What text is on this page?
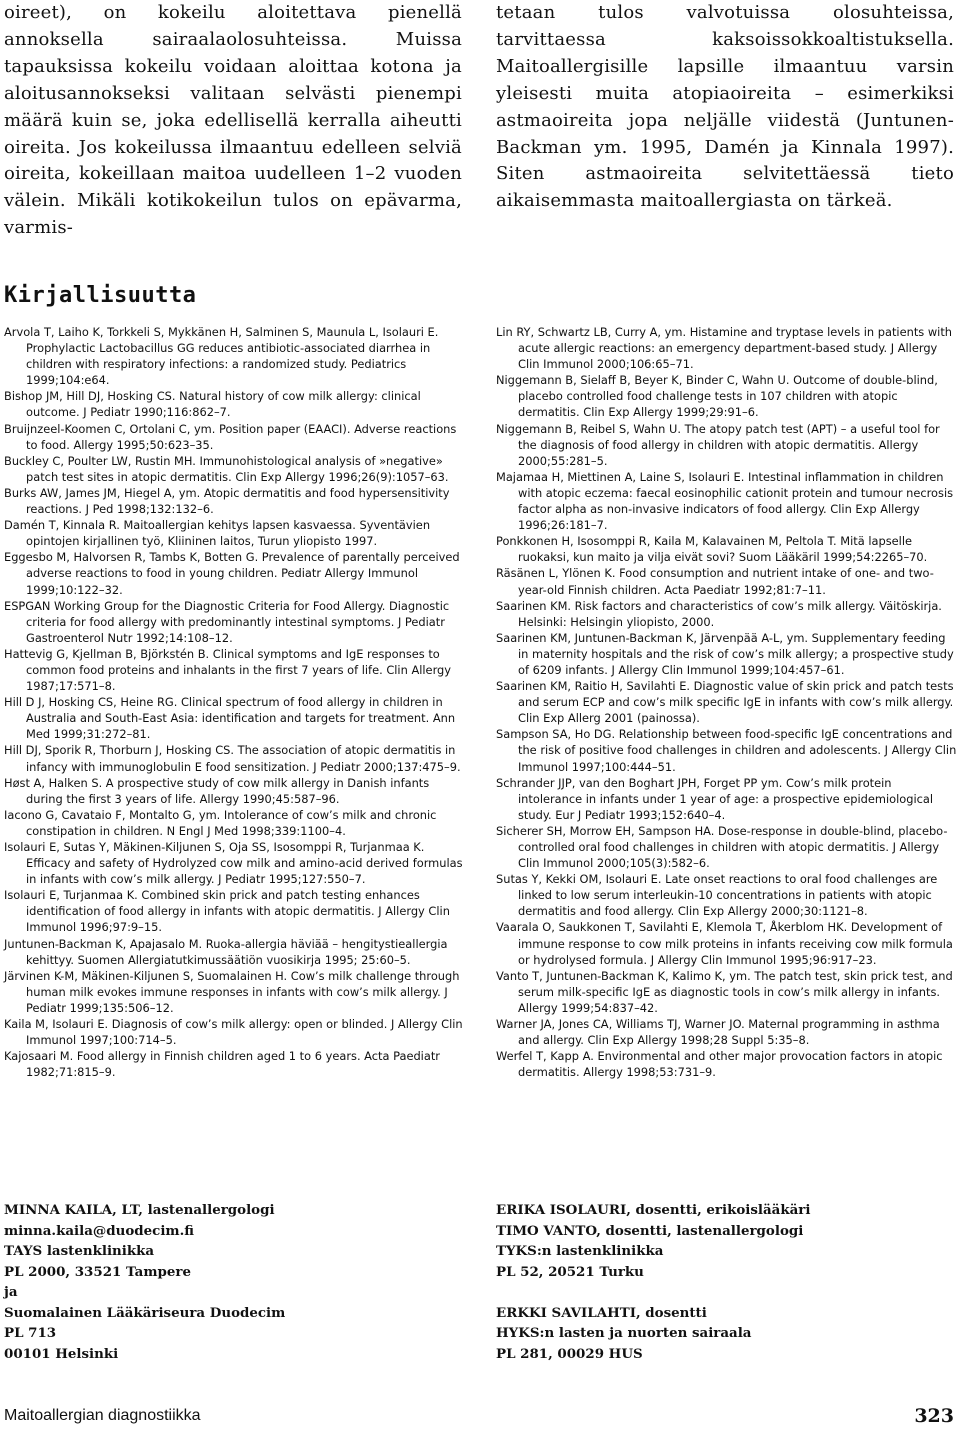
oireet), on kokeilu aloitettava pienellä annoksella sairaalaolosuhteissa. Muissa tapauksissa kokeilu voidaan aloittaa kotona ja aloitusannokseksi valitaan selvästi pienempi määrä kuin se, joka edellisellä kerralla aiheutti oireita. Jos kokeilussa ilmaantuu edelleen selviä oireita, kokeillaan maitoa uudelleen 1–2 vuoden välein. Mikäli kotikokeilun tulos on epävarma, varmis-

tetaan tulos valvotuissa olosuhteissa, tarvittaessa kaksoissokkoaltistuksella. Maitoallergisille lapsille ilmaantuu varsin yleisesti muita atopiaoireita – esimerkiksi astmaoireita jopa neljälle viidestä (Juntunen-Backman ym. 1995, Damén ja Kinnala 1997). Siten astmaoireita selvitettäessä tieto aikaisemmasta maitoallergiasta on tärkeä.

Kirjallisuutta

Arvola T, Laiho K, Torkkeli S, Mykkänen H, Salminen S, Maunula L, Isolauri E. Prophylactic Lactobacillus GG reduces antibiotic-associated diarrhea in children with respiratory infections: a randomized study. Pediatrics 1999;104:e64.

Bishop JM, Hill DJ, Hosking CS. Natural history of cow milk allergy: clinical outcome. J Pediatr 1990;116:862–7.

Bruijnzeel-Koomen C, Ortolani C, ym. Position paper (EAACI). Adverse reactions to food. Allergy 1995;50:623–35.

Buckley C, Poulter LW, Rustin MH. Immunohistological analysis of »negative» patch test sites in atopic dermatitis. Clin Exp Allergy 1996;26(9):1057–63.

Burks AW, James JM, Hiegel A, ym. Atopic dermatitis and food hypersensitivity reactions. J Ped 1998;132:132–6.

Damén T, Kinnala R. Maitoallergian kehitys lapsen kasvaessa. Syventävien opintojen kirjallinen työ, Kliininen laitos, Turun yliopisto 1997.

Eggesbo M, Halvorsen R, Tambs K, Botten G. Prevalence of parentally perceived adverse reactions to food in young children. Pediatr Allergy Immunol 1999;10:122–32.

ESPGAN Working Group for the Diagnostic Criteria for Food Allergy. Diagnostic criteria for food allergy with predominantly intestinal symptoms. J Pediatr Gastroenterol Nutr 1992;14:108–12.

Hattevig G, Kjellman B, Björkstén B. Clinical symptoms and IgE responses to common food proteins and inhalants in the first 7 years of life. Clin Allergy 1987;17:571–8.

Hill D J, Hosking CS, Heine RG. Clinical spectrum of food allergy in children in Australia and South-East Asia: identification and targets for treatment. Ann Med 1999;31:272–81.

Hill DJ, Sporik R, Thorburn J, Hosking CS. The association of atopic dermatitis in infancy with immunoglobulin E food sensitization. J Pediatr 2000;137:475–9.

Høst A, Halken S. A prospective study of cow milk allergy in Danish infants during the first 3 years of life. Allergy 1990;45:587–96.

Iacono G, Cavataio F, Montalto G, ym. Intolerance of cow’s milk and chronic constipation in children. N Engl J Med 1998;339:1100–4.

Isolauri E, Sutas Y, Mäkinen-Kiljunen S, Oja SS, Isosomppi R, Turjanmaa K. Efficacy and safety of Hydrolyzed cow milk and amino-acid derived formulas in infants with cow’s milk allergy. J Pediatr 1995;127:550–7.

Isolauri E, Turjanmaa K. Combined skin prick and patch testing enhances identification of food allergy in infants with atopic dermatitis. J Allergy Clin Immunol 1996;97:9–15.

Juntunen-Backman K, Apajasalo M. Ruoka-allergia häviää – hengitystieallergia kehittyy. Suomen Allergiatutkimussäätiön vuosikirja 1995; 25:60–5.

Järvinen K-M, Mäkinen-Kiljunen S, Suomalainen H. Cow’s milk challenge through human milk evokes immune responses in infants with cow’s milk allergy. J Pediatr 1999;135:506–12.

Kaila M, Isolauri E. Diagnosis of cow’s milk allergy: open or blinded. J Allergy Clin Immunol 1997;100:714–5.

Kajosaari M. Food allergy in Finnish children aged 1 to 6 years. Acta Paediatr 1982;71:815–9.

Lin RY, Schwartz LB, Curry A, ym. Histamine and tryptase levels in patients with acute allergic reactions: an emergency department-based study. J Allergy Clin Immunol 2000;106:65–71.

Niggemann B, Sielaff B, Beyer K, Binder C, Wahn U. Outcome of double-blind, placebo controlled food challenge tests in 107 children with atopic dermatitis. Clin Exp Allergy 1999;29:91–6.

Niggemann B, Reibel S, Wahn U. The atopy patch test (APT) – a useful tool for the diagnosis of food allergy in children with atopic dermatitis. Allergy 2000;55:281–5.

Majamaa H, Miettinen A, Laine S, Isolauri E. Intestinal inflammation in children with atopic eczema: faecal eosinophilic cationit protein and tumour necrosis factor alpha as non-invasive indicators of food allergy. Clin Exp Allergy 1996;26:181–7.

Ponkkonen H, Isosomppi R, Kaila M, Kalavainen M, Peltola T. Mitä lapselle ruokaksi, kun maito ja vilja eivät sovi? Suom Lääkäril 1999;54:2265–70.

Räsänen L, Ylönen K. Food consumption and nutrient intake of one- and two-year-old Finnish children. Acta Paediatr 1992;81:7–11.

Saarinen KM. Risk factors and characteristics of cow’s milk allergy. Väitöskirja. Helsinki: Helsingin yliopisto, 2000.

Saarinen KM, Juntunen-Backman K, Järvenpää A-L, ym. Supplementary feeding in maternity hospitals and the risk of cow’s milk allergy; a prospective study of 6209 infants. J Allergy Clin Immunol 1999;104:457–61.

Saarinen KM, Raitio H, Savilahti E. Diagnostic value of skin prick and patch tests and serum ECP and cow’s milk specific IgE in infants with cow’s milk allergy. Clin Exp Allerg 2001 (painossa).

Sampson SA, Ho DG. Relationship between food-specific IgE concentrations and the risk of positive food challenges in children and adolescents. J Allergy Clin Immunol 1997;100:444–51.

Schrander JJP, van den Boghart JPH, Forget PP ym. Cow’s milk protein intolerance in infants under 1 year of age: a prospective epidemiological study. Eur J Pediatr 1993;152:640–4.

Sicherer SH, Morrow EH, Sampson HA. Dose-response in double-blind, placebo-controlled oral food challenges in children with atopic dermatitis. J Allergy Clin Immunol 2000;105(3):582–6.

Sutas Y, Kekki OM, Isolauri E. Late onset reactions to oral food challenges are linked to low serum interleukin-10 concentrations in patients with atopic dermatitis and food allergy. Clin Exp Allergy 2000;30:1121–8.

Vaarala O, Saukkonen T, Savilahti E, Klemola T, Åkerblom HK. Development of immune response to cow milk proteins in infants receiving cow milk formula or hydrolysed formula. J Allergy Clin Immunol 1995;96:917–23.

Vanto T, Juntunen-Backman K, Kalimo K, ym. The patch test, skin prick test, and serum milk-specific IgE as diagnostic tools in cow’s milk allergy in infants. Allergy 1999;54:837–42.

Warner JA, Jones CA, Williams TJ, Warner JO. Maternal programming in asthma and allergy. Clin Exp Allergy 1998;28 Suppl 5:35–8.

Werfel T, Kapp A. Environmental and other major provocation factors in atopic dermatitis. Allergy 1998;53:731–9.

MINNA KAILA, LT, lastenallergologi
minna.kaila@duodecim.fi
TAYS lastenklinikka
PL 2000, 33521 Tampere
ja
Suomalainen Lääkäriseura Duodecim
PL 713
00101 Helsinki
ERIKA ISOLAURI, dosentti, erikoislääkäri
TIMO VANTO, dosentti, lastenallergologi
TYKS:n lastenklinikka
PL 52, 20521 Turku
ERKKI SAVILAHTI, dosentti
HYKS:n lasten ja nuorten sairaala
PL 281, 00029 HUS
Maitoallergian diagnostiikka	323
